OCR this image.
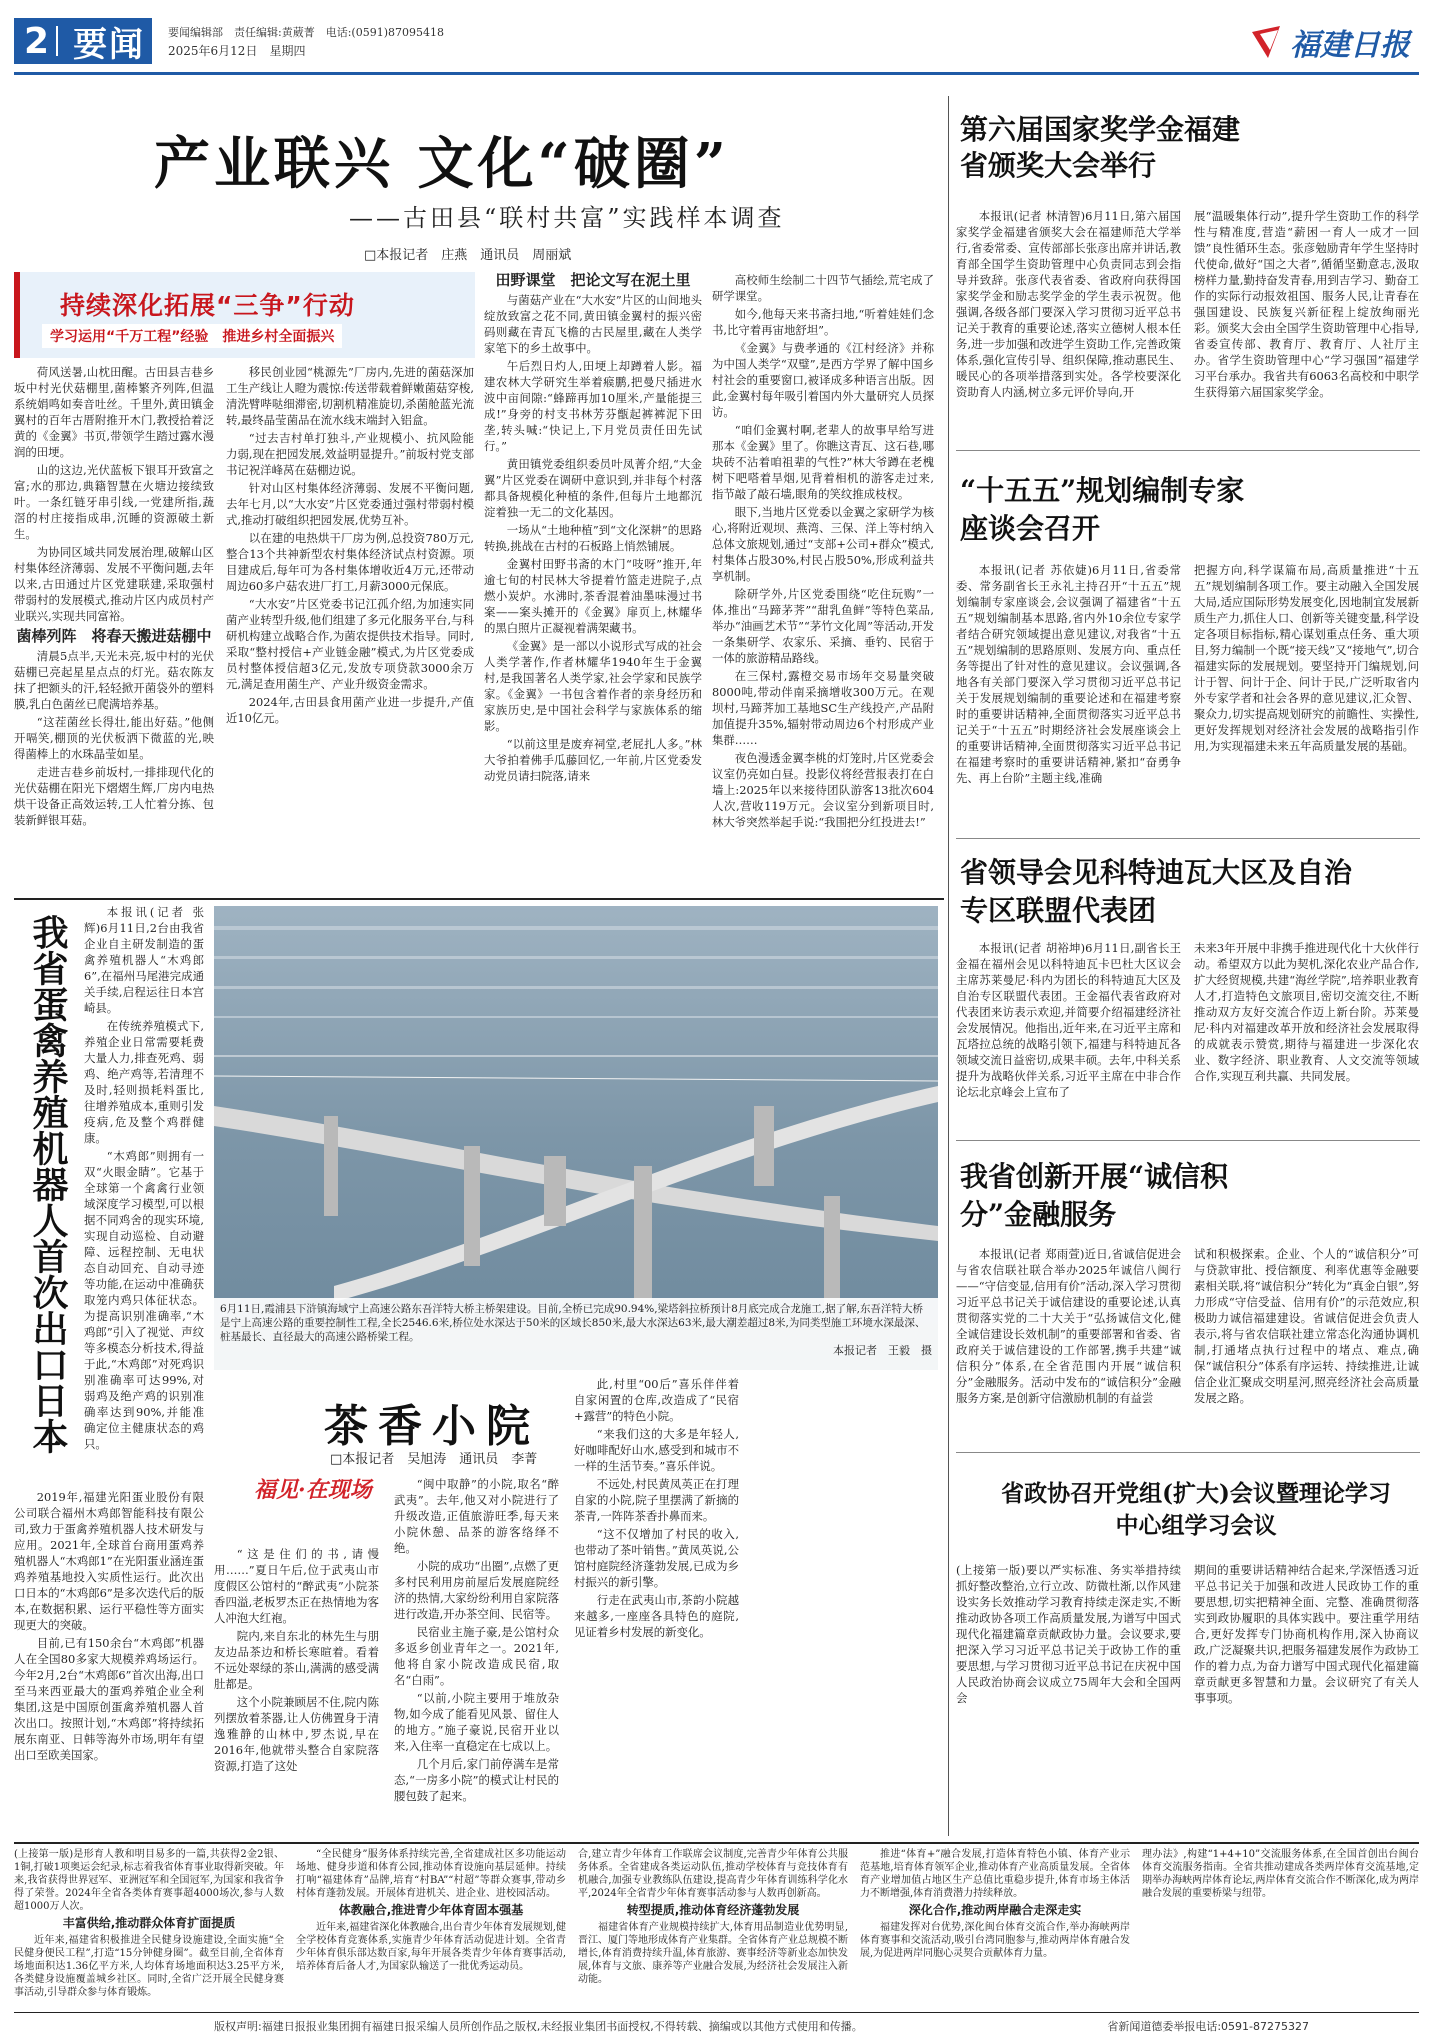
2 要闻 要闻编辑部　责任编辑:黄葳菁　电话:(0591)87095418
2025年6月12日　星期四	福建日报
产业联兴 文化“破圈”
——古田县“联村共富”实践样本调查
□本报记者　庄燕　通讯员　周丽斌
持续深化拓展“三争”行动
学习运用“千万工程”经验　推进乡村全面振兴

荷风送暑,山枕田醒。古田县吉巷乡坂中村光伏菇棚里,菌棒繁齐列阵,但温系统娟鸣如奏音吐丝。千里外,黄田镇金翼村的百年古厝附推开木门,教授拾着泛黄的《金翼》书页,带领学生踏过露水漫润的田埂。

山的这边,光伏蓝板下银耳开致富之富;水的那边,典籍智慧在火塘边接续致叶。一条红链牙串引线,一党建所指,蔬滘的村庄接指成串,沉睡的资源破土新生。

为协同区域共同发展治理,破解山区村集体经济薄弱、发展不平衡问题,去年以来,古田通过片区党建联建,采取强村带弱村的发展模式,推动片区内成员村产业联兴,实现共同富裕。

菌棒列阵　将春天搬进菇棚中

清晨5点半,天光未亮,坂中村的光伏菇棚已亮起星星点点的灯光。菇农陈友抹了把额头的汗,轻轻掀开菌袋外的塑料膜,乳白色菌丝已爬满培养基。

“这茬菌丝长得壮,能出好菇。”他侧开嗝笑,棚顶的光伏板洒下微蓝的光,映得菌棒上的水珠晶莹如星。

走进吉巷乡前坂村,一排排现代化的光伏菇棚在阳光下熠熠生辉,厂房内电热烘干设备正高效运转,工人忙着分拣、包装新鲜银耳菇。

移民创业园“桃源先”厂房内,先进的菌菇深加工生产线让人瞪为震惊:传送带载着鲜嫩菌菇穿梭,清洗臂哔哒细滞密,切割机精准旋切,杀菌舱蓝光流转,最终晶莹菌品在流水线末端封入铝盒。

“过去吉村单打独斗,产业规模小、抗风险能力弱,现在把园发展,效益明显提升。”前坂村党支部书记祝洋峰莴在菇棚边说。

针对山区村集体经济薄弱、发展不平衡问题,去年七月,以“大水安”片区党委通过强村带弱村模式,推动打破组织把园发展,优势互补。

以在建的电热烘干厂房为例,总投资780万元,整合13个共神新型农村集体经济试点村资源。项目建成后,每年可为各村集体增收近4万元,还带动周边60多户菇农进厂打工,月薪3000元保底。

“大水安”片区党委书记江孤介绍,为加速实同菌产业转型升级,他们组建了多元化服务平台,与科研机构建立战略合作,为菌农提供技术指导。同时,采取“整村授信+产业链金融”模式,为片区党委成员村整体授信超3亿元,发放专项贷款3000余万元,满足查用菌生产、产业升级资金需求。

2024年,古田县食用菌产业进一步提升,产值近10亿元。

田野课堂　把论文写在泥土里

与菌菇产业在“大水安”片区的山间地头绽放致富之花不同,黄田镇金翼村的振兴密码则藏在青瓦飞檐的古民屋里,藏在人类学家笔下的乡土故事中。

午后烈日灼人,田埂上却蹲着人影。福建农林大学研究生举着瘊鹏,把曼尺插进水波中亩间隙:“蜂蹄再加10厘米,产量能提三成!”身旁的村支书林芳芬甑起裤裤泥下田垄,转头喊:“快记上,下月党员责任田先试行。”

黄田镇党委组织委员叶凤菁介绍,“大金翼”片区党委在调研中意识到,并非每个村落都具备规模化种植的条件,但每片土地都沉淀着独一无二的文化基因。

一场从“土地种植”到“文化深耕”的思路转换,挑战在古村的石板路上悄然铺展。

金翼村田野书斋的木门“吱呀”推开,年逾七旬的村民林大爷提着竹篮走进院子,点燃小炭炉。水沸时,茶香混着油墨味漫过书案——案头摊开的《金翼》扉页上,林耀华的黑白照片正凝视着满架藏书。

《金翼》是一部以小说形式写成的社会人类学著作,作者林耀华1940年生于金翼村,是我国著名人类学家,社会学家和民族学家。《金翼》一书包含着作者的亲身经历和家族历史,是中国社会科学与家族体系的缩影。

“以前这里是废弃祠堂,老屁扎人多。”林大爷拍着佛手瓜藤回忆,一年前,片区党委发动党员请扫院落,请来

高校师生绘制二十四节气插绘,荒宅成了研学课堂。

如今,他每天来书斋扫地,“听着娃娃们念书,比守着再宙地舒坦”。

《金翼》与费孝通的《江村经济》并称为中国人类学“双璧”,是西方学界了解中国乡村社会的重要窗口,被译成多种语言出版。因此,金翼村每年吸引着国内外大量研究人员探访。

“咱们金翼村啊,老辈人的故事早给写进那本《金翼》里了。你瞧这青瓦、这石巷,哪块砖不沾着咱祖辈的气性?”林大爷蹲在老槐树下吧嗒着旱烟,见背着相机的游客走过来,指节敲了敲石墙,眼角的笑纹推成枝杈。

眼下,当地片区党委以金翼之家研学为核心,将附近观坝、燕湾、三保、洋上等村纳入总体文旅规划,通过“支部+公司+群众”模式,村集体占股30%,村民占股50%,形成利益共享机制。

除研学外,片区党委围绕“吃住玩购”一体,推出“马蹄茅荠”“甜乳鱼鲜”等特色菜品,举办“油画艺术节”“茅竹文化周”等活动,开发一条集研学、农家乐、采摘、垂钓、民宿于一体的旅游精品路线。

在三保村,露橙交易市场年交易量突破8000吨,带动伴南采摘增收300万元。在观坝村,马蹄荠加工基地SC生产线投产,产品附加值提升35%,辐射带动周边6个村形成产业集群……

夜色漫透金翼李桃的灯笼时,片区党委会议室仍亮如白昼。投影仪将经营报表打在白墙上:2025年以来接待团队游客13批次604人次,营收119万元。会议室分到新项目时,林大爷突然举起手说:“我围把分红投进去!”

我省蛋禽养殖机器人首次出口日本

本报讯(记者 张辉)6月11日,2台由我省企业自主研发制造的蛋禽养殖机器人“木鸡郎6”,在福州马尾港完成通关手续,启程运往日本宫崎县。

在传统养殖模式下,养殖企业日常需要耗费大量人力,排查死鸡、弱鸡、绝产鸡等,若清理不及时,轻则损耗料蛋比,往增养殖成本,重则引发疫病,危及整个鸡群健康。

“木鸡郎”则拥有一双“火眼金睛”。它基于全球第一个禽禽行业领域深度学习模型,可以根据不同鸡舍的现实环境,实现自动巡检、自动避障、远程控制、无电状态自动回充、自动寻迹等功能,在运动中准确获取笼内鸡只体征状态。为提高识别准确率,“木鸡郎”引入了视觉、声纹等多模态分析技术,得益于此,“木鸡郎”对死鸡识别准确率可达99%,对弱鸡及绝产鸡的识别准确率达到90%,并能准确定位主健康状态的鸡只。

2019年,福建光阳蛋业股份有限公司联合福州木鸡郎智能科技有限公司,致力于蛋禽养殖机器人技术研发与应用。2021年,全球首台商用蛋鸡养殖机器人“木鸡郎1”在光阳蛋业涵连蛋鸡养殖基地投入实质性运行。此次出口日本的“木鸡郎6”是多次迭代后的版本,在数据积累、运行平稳性等方面实现更大的突破。

目前,已有150余台“木鸡郎”机器人在全国80多家大规模养鸡场运行。今年2月,2台“木鸡郎6”首次出海,出口至马来西亚最大的蛋鸡养殖企业全利集团,这是中国原创蛋禽养殖机器人首次出口。按照计划,“木鸡郎”将持续拓展东南亚、日韩等海外市场,明年有望出口至欧美国家。

6月11日,霞浦县下浒镇海域宁上高速公路东吾洋特大桥主桥架建设。目前,全桥已完成90.94%,梁塔斜拉桥预计8月底完成合龙施工,据了解,东吾洋特大桥是宁上高速公路的重要控制性工程,全长2546.6米,桥位处水深达于50米的区域长850米,最大水深达63米,最大潮差超过8米,为同类型施工环境水深最深、桩基最长、直径最大的高速公路桥梁工程。
本报记者　王毅　摄
茶香小院
□本报记者　吴旭涛　通讯员　李菁
福见·在现场

“这是住们的书,请慢用……”夏日午后,位于武夷山市度假区公馆村的“醉武夷”小院茶香四溢,老板罗杰正在热情地为客人冲泡大红袍。

院内,来自东北的林先生与朋友边品茶边和桥长寒暄着。看着不远处翠绿的茶山,满满的感受满肚都是。

这个小院兼顾居不住,院内陈列摆放着茶器,让人仿佛置身于清逸雅静的山林中,罗杰说,早在2016年,他就带头整合自家院落资源,打造了这处

“闽中取静”的小院,取名“醉武夷”。去年,他又对小院进行了升级改造,正值旅游旺季,每天来小院休憩、品茶的游客络绎不绝。

小院的成功“出圈”,点燃了更多村民利用房前屋后发展庭院经济的热情,大家纷纷利用自家院落进行改造,开办茶空间、民宿等。

民宿业主施子豪,是公馆村众多返乡创业青年之一。2021年,他将自家小院改造成民宿,取名“白雨”。

“以前,小院主要用于堆放杂物,如今成了能看见风景、留住人的地方。”施子豪说,民宿开业以来,入住率一直稳定在七成以上。

几个月后,家门前停满车是常态,“一房多小院”的模式让村民的腰包鼓了起来。

此,村里“00后”喜乐伴伴着自家闲置的仓库,改造成了“民宿+露营”的特色小院。

“来我们这的大多是年轻人,好咖啡配好山水,感受到和城市不一样的生活节奏。”喜乐伴说。

不远处,村民黄凤英正在打理自家的小院,院子里摆满了新摘的茶青,一阵阵茶香扑鼻而来。

“这不仅增加了村民的收入,也带动了茶叶销售。”黄凤英说,公馆村庭院经济蓬勃发展,已成为乡村振兴的新引擎。

行走在武夷山市,茶韵小院越来越多,一座座各具特色的庭院,见证着乡村发展的新变化。

第六届国家奖学金福建省颁奖大会举行

本报讯(记者 林清智)6月11日,第六届国家奖学金福建省颁奖大会在福建师范大学举行,省委常委、宣传部部长张彦出席并讲话,教育部全国学生资助管理中心负责同志到会指导并致辞。张彦代表省委、省政府向获得国家奖学金和励志奖学金的学生表示祝贺。他强调,各级各部门要深入学习贯彻习近平总书记关于教育的重要论述,落实立德树人根本任务,进一步加强和改进学生资助工作,完善政策体系,强化宣传引导、组织保障,推动惠民生、暖民心的各项举措落到实处。各学校要深化资助育人内涵,树立多元评价导向,开

展“温暖集体行动”,提升学生资助工作的科学性与精准度,营造“薪困一育人一成才一回馈”良性循环生态。张彦勉励青年学生坚持时代使命,做好“国之大者”,循循坚勤意志,汲取榜样力量,勤持奋发青春,用到吉学习、勤奋工作的实际行动报效祖国、服务人民,让青春在强国建设、民族复兴新征程上绽放绚丽光彩。颁奖大会由全国学生资助管理中心指导,省委宣传部、教育厅、教育厅、人社厅主办。省学生资助管理中心“学习强国”福建学习平台承办。我省共有6063名高校和中职学生获得第六届国家奖学金。

“十五五”规划编制专家座谈会召开

本报讯(记者 苏依婕)6月11日,省委常委、常务副省长王永礼主持召开“十五五”规划编制专家座谈会,会议强调了福建省“十五五”规划编制基本思路,省内外10余位专家学者结合研究领域提出意见建议,对我省“十五五”规划编制的思路原则、发展方向、重点任务等提出了针对性的意见建议。会议强调,各地各有关部门要深入学习贯彻习近平总书记关于发展规划编制的重要论述和在福建考察时的重要讲话精神,全面贯彻落实习近平总书记关于“十五五”时期经济社会发展座谈会上的重要讲话精神,全面贯彻落实习近平总书记在福建考察时的重要讲话精神,紧扣“奋勇争先、再上台阶”主题主线,准确

把握方向,科学谋篇布局,高质量推进“十五五”规划编制各项工作。要主动融入全国发展大局,适应国际形势发展变化,因地制宜发展新质生产力,抓住人口、创新等关键变量,科学设定各项目标指标,精心谋划重点任务、重大项目,努力编制一个既“接天线”又“接地气”,切合福建实际的发展规划。要坚持开门编规划,问计于智、问计于企、问计于民,广泛听取省内外专家学者和社会各界的意见建议,汇众智、聚众力,切实提高规划研究的前瞻性、实操性,更好发挥规划对经济社会发展的战略指引作用,为实现福建未来五年高质量发展的基础。

省领导会见科特迪瓦大区及自治专区联盟代表团

本报讯(记者 胡裕坤)6月11日,副省长王金福在福州会见以科特迪瓦卡巴杜大区议会主席苏莱曼尼·科内为团长的科特迪瓦大区及自治专区联盟代表团。王金福代表省政府对代表团来访表示欢迎,并简要介绍福建经济社会发展情况。他指出,近年来,在习近平主席和瓦塔拉总统的战略引领下,福建与科特迪瓦各领域交流日益密切,成果丰硕。去年,中科关系提升为战略伙伴关系,习近平主席在中非合作论坛北京峰会上宣布了

未来3年开展中非携手推进现代化十大伙伴行动。希望双方以此为契机,深化农业产品合作,扩大经贸规模,共建“海丝学院”,培养职业教育人才,打造特色文旅项目,密切交流交往,不断推动双方友好交流合作迈上新台阶。苏莱曼尼·科内对福建改革开放和经济社会发展取得的成就表示赞赏,期待与福建进一步深化农业、数字经济、职业教育、人文交流等领域合作,实现互利共赢、共同发展。

我省创新开展“诚信积分”金融服务

本报讯(记者 郑雨萱)近日,省诚信促进会与省农信联社联合举办2025年诚信八闽行——“守信变显,信用有价”活动,深入学习贯彻习近平总书记关于诚信建设的重要论述,认真贯彻落实党的二十大关于“弘扬诚信文化,健全诚信建设长效机制”的重要部署和省委、省政府关于诚信建设的工作部署,携手共建“诚信积分”体系,在全省范围内开展“诚信积分”金融服务。活动中发布的“诚信积分”金融服务方案,是创新守信激励机制的有益尝

试和积极探索。企业、个人的“诚信积分”可与贷款审批、授信额度、利率优惠等金融要素相关联,将“诚信积分”转化为“真金白银”,努力形成“守信受益、信用有价”的示范效应,积极助力诚信福建建设。省诚信促进会负责人表示,将与省农信联社建立常态化沟通协调机制,打通堵点执行过程中的堵点、难点,确保“诚信积分”体系有序运转、持续推进,让诚信企业汇聚成交明星河,照亮经济社会高质量发展之路。

省政协召开党组(扩大)会议暨理论学习中心组学习会议

(上接第一版)要以严实标准、务实举措持续抓好整改整治,立行立改、防微杜渐,以作风建设实务长效推动学习教育持续走深走实,不断推动政协各项工作高质量发展,为谱写中国式现代化福建篇章贡献政协力量。会议要求,要把深入学习习近平总书记关于政协工作的重要思想,与学习贯彻习近平总书记在庆祝中国人民政治协商会议成立75周年大会和全国两会

期间的重要讲话精神结合起来,学深悟透习近平总书记关于加强和改进人民政协工作的重要思想,切实把精神全面、完整、准确贯彻落实到政协履职的具体实践中。要注重学用结合,更好发挥专门协商机构作用,深入协商议政,广泛凝聚共识,把服务福建发展作为政协工作的着力点,为奋力谱写中国式现代化福建篇章贡献更多智慧和力量。会议研究了有关人事事项。

(上接第一版)是形育人教和明目易多的一篇,共获得2金2银、1铜,打破1项奥运会纪录,标志着我省体育事业取得新突破。年来,我省获得世界冠军、亚洲冠军和全国冠军,为国家和我省争得了荣誉。2024年全省各类体育赛事超4000场次,参与人数超1000万人次。

丰富供给,推动群众体育扩面提质

近年来,福建省积极推进全民健身设施建设,全面实施“全民健身便民工程”,打造“15分钟健身圈”。截至目前,全省体育场地面积达1.36亿平方米,人均体育场地面积达3.25平方米,各类健身设施覆盖城乡社区。同时,全省广泛开展全民健身赛事活动,引导群众参与体育锻炼。

“全民健身”服务体系持续完善,全省建成社区多功能运动场地、健身步道和体育公园,推动体育设施向基层延伸。持续打响“福建体育”品牌,培育“村BA”“村超”等群众赛事,带动乡村体育蓬勃发展。开展体育进机关、进企业、进校园活动。

体教融合,推进青少年体育固本强基

近年来,福建省深化体教融合,出台青少年体育发展规划,健全学校体育竞赛体系,实施青少年体育活动促进计划。全省青少年体育俱乐部达数百家,每年开展各类青少年体育赛事活动,培养体育后备人才,为国家队输送了一批优秀运动员。

合,建立青少年体育工作联席会议制度,完善青少年体育公共服务体系。全省建成各类运动队伍,推动学校体育与竞技体育有机融合,加强专业教练队伍建设,提高青少年体育训练科学化水平,2024年全省青少年体育赛事活动参与人数再创新高。

转型提质,推动体育经济蓬勃发展

福建省体育产业规模持续扩大,体育用品制造业优势明显,晋江、厦门等地形成体育产业集群。全省体育产业总规模不断增长,体育消费持续升温,体育旅游、赛事经济等新业态加快发展,体育与文旅、康养等产业融合发展,为经济社会发展注入新动能。

推进“体育+”融合发展,打造体育特色小镇、体育产业示范基地,培育体育领军企业,推动体育产业高质量发展。全省体育产业增加值占地区生产总值比重稳步提升,体育市场主体活力不断增强,体育消费潜力持续释放。

深化合作,推动两岸融合走深走实

福建发挥对台优势,深化闽台体育交流合作,举办海峡两岸体育赛事和交流活动,吸引台湾同胞参与,推动两岸体育融合发展,为促进两岸同胞心灵契合贡献体育力量。

理办法》,构建“1+4+10”交流服务体系,在全国首创出台闽台体育交流服务指南。全省共推动建成各类两岸体育交流基地,定期举办海峡两岸体育论坛,两岸体育交流合作不断深化,成为两岸融合发展的重要桥梁与纽带。

版权声明:福建日报报业集团拥有福建日报采编人员所创作品之版权,未经报业集团书面授权,不得转载、摘编或以其他方式使用和传播。	省新闻道德委举报电话:0591-87275327
